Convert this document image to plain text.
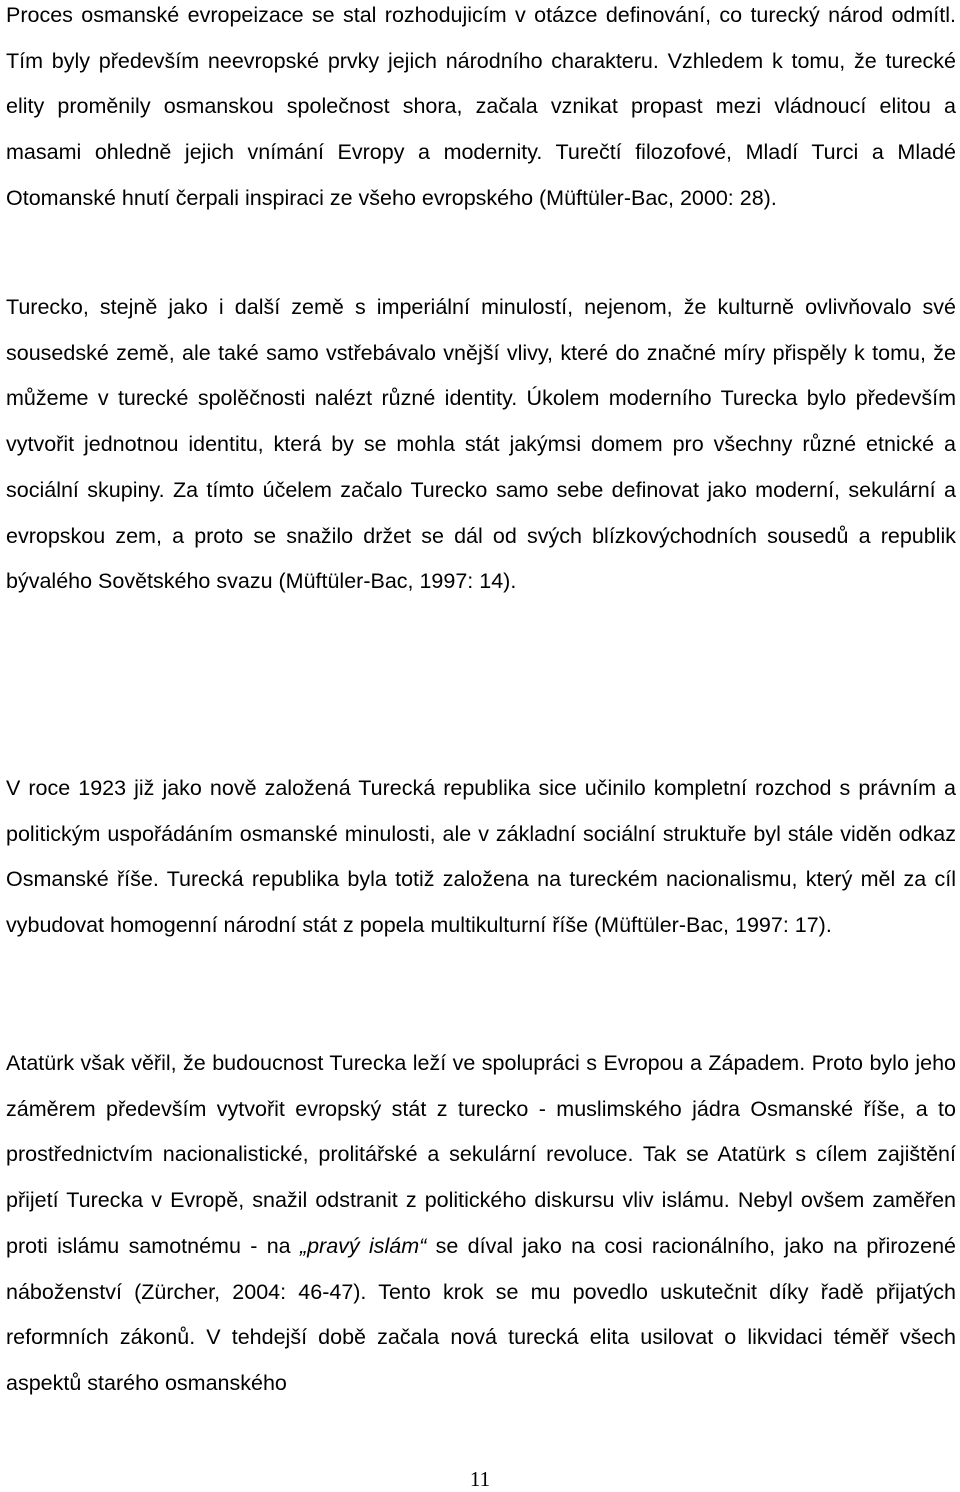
Proces osmanské evropeizace se stal rozhodujicím v otázce definování, co turecký národ odmítl. Tím byly především neevropské prvky jejich národního charakteru. Vzhledem k tomu, že turecké elity proměnily osmanskou společnost shora, začala vznikat propast mezi vládnoucí elitou a masami ohledně jejich vnímání Evropy a modernity. Turečtí filozofové, Mladí Turci a Mladé Otomanské hnutí čerpali inspiraci ze všeho evropského (Müftüler-Bac, 2000: 28).

Turecko, stejně jako i další země s imperiální minulostí, nejenom, že kulturně ovlivňovalo své sousedské země, ale také samo vstřebávalo vnější vlivy, které do značné míry přispěly k tomu, že můžeme v turecké spolěčnosti nalézt různé identity. Úkolem moderního Turecka bylo především vytvořit jednotnou identitu, která by se mohla stát jakýmsi domem pro všechny různé etnické a sociální skupiny. Za tímto účelem začalo Turecko samo sebe definovat jako moderní, sekulární a evropskou zem, a proto se snažilo držet se dál od svých blízkovýchodních sousedů a republik bývalého Sovětského svazu (Müftüler-Bac, 1997: 14).

V roce 1923 již jako nově založená Turecká republika sice učinilo kompletní rozchod s právním a politickým uspořádáním osmanské minulosti, ale v základní sociální struktuře byl stále viděn odkaz Osmanské říše. Turecká republika byla totiž založena na tureckém nacionalismu, který měl za cíl vybudovat homogenní národní stát z popela multikulturní říše (Müftüler-Bac, 1997: 17).

Atatürk však věřil, že budoucnost Turecka leží ve spolupráci s Evropou a Západem. Proto bylo jeho záměrem především vytvořit evropský stát z turecko - muslimského jádra Osmanské říše, a to prostřednictvím nacionalistické, prolitářské a sekulární revoluce. Tak se Atatürk s cílem zajištění přijetí Turecka v Evropě, snažil odstranit z politického diskursu vliv islámu. Nebyl ovšem zaměřen proti islámu samotnému - na „pravý islám“ se díval jako na cosi racionálního, jako na přirozené náboženství (Zürcher, 2004: 46-47). Tento krok se mu povedlo uskutečnit díky řadě přijatých reformních zákonů. V tehdejší době začala nová turecká elita usilovat o likvidaci téměř všech aspektů starého osmanského

11
